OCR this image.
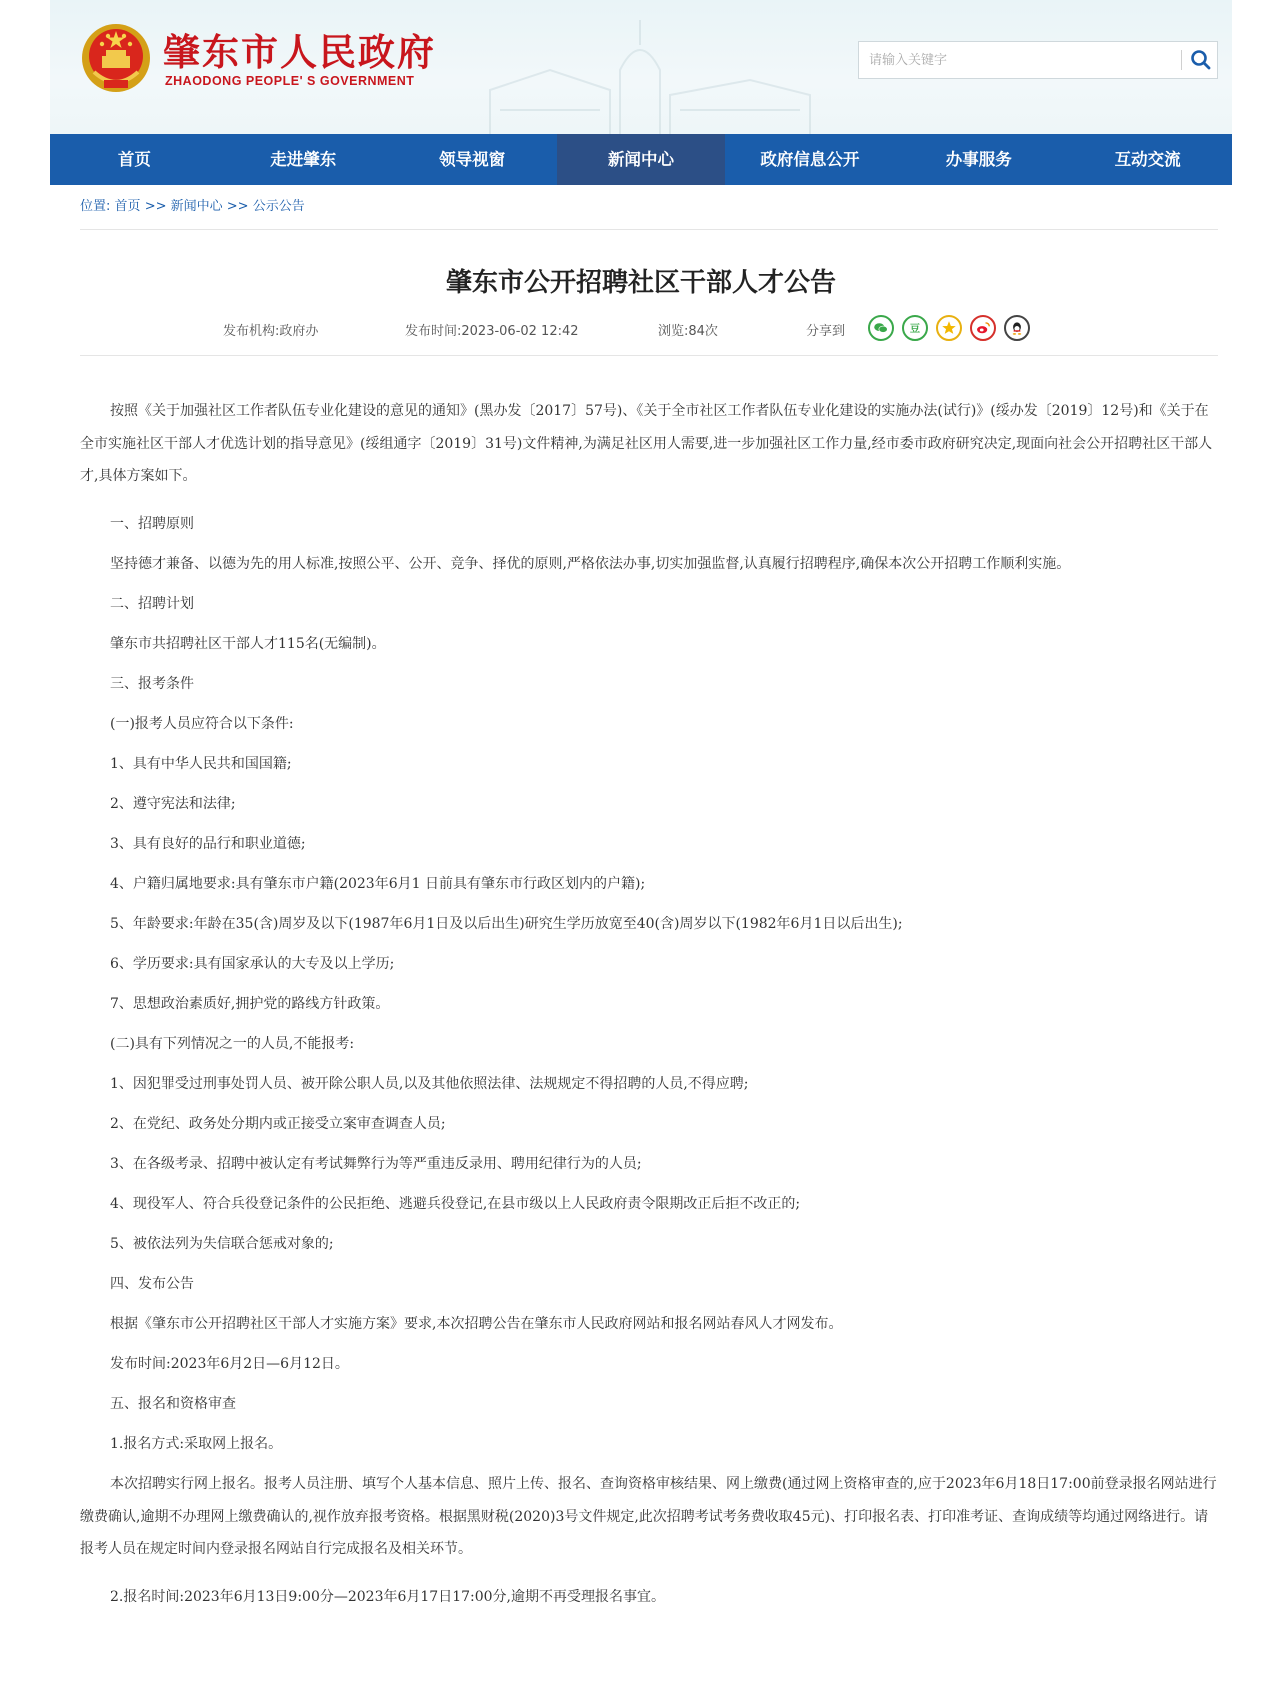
肇东市人民政府
ZHAODONG PEOPLE' S GOVERNMENT
请输入关键字
首页	走进肇东	领导视窗	新闻中心	政府信息公开	办事服务	互动交流
位置: 首页 >> 新闻中心 >> 公示公告
肇东市公开招聘社区干部人才公告
发布机构:政府办	发布时间:2023-06-02 12:42	浏览:84次	分享到	豆
按照《关于加强社区工作者队伍专业化建设的意见的通知》(黑办发〔2017〕57号)、《关于全市社区工作者队伍专业化建设的实施办法(试行)》(绥办发〔2019〕12号)和《关于在全市实施社区干部人才优选计划的指导意见》(绥组通字〔2019〕31号)文件精神,为满足社区用人需要,进一步加强社区工作力量,经市委市政府研究决定,现面向社会公开招聘社区干部人才,具体方案如下。
一、招聘原则
坚持德才兼备、以德为先的用人标准,按照公平、公开、竞争、择优的原则,严格依法办事,切实加强监督,认真履行招聘程序,确保本次公开招聘工作顺利实施。
二、招聘计划
肇东市共招聘社区干部人才115名(无编制)。
三、报考条件
(一)报考人员应符合以下条件:
1、具有中华人民共和国国籍;
2、遵守宪法和法律;
3、具有良好的品行和职业道德;
4、户籍归属地要求:具有肇东市户籍(2023年6月1 日前具有肇东市行政区划内的户籍);
5、年龄要求:年龄在35(含)周岁及以下(1987年6月1日及以后出生)研究生学历放宽至40(含)周岁以下(1982年6月1日以后出生);
6、学历要求:具有国家承认的大专及以上学历;
7、思想政治素质好,拥护党的路线方针政策。
(二)具有下列情况之一的人员,不能报考:
1、因犯罪受过刑事处罚人员、被开除公职人员,以及其他依照法律、法规规定不得招聘的人员,不得应聘;
2、在党纪、政务处分期内或正接受立案审查调查人员;
3、在各级考录、招聘中被认定有考试舞弊行为等严重违反录用、聘用纪律行为的人员;
4、现役军人、符合兵役登记条件的公民拒绝、逃避兵役登记,在县市级以上人民政府责令限期改正后拒不改正的;
5、被依法列为失信联合惩戒对象的;
四、发布公告
根据《肇东市公开招聘社区干部人才实施方案》要求,本次招聘公告在肇东市人民政府网站和报名网站春风人才网发布。
发布时间:2023年6月2日—6月12日。
五、报名和资格审查
1.报名方式:采取网上报名。
本次招聘实行网上报名。报考人员注册、填写个人基本信息、照片上传、报名、查询资格审核结果、网上缴费(通过网上资格审查的,应于2023年6月18日17:00前登录报名网站进行缴费确认,逾期不办理网上缴费确认的,视作放弃报考资格。根据黑财税(2020)3号文件规定,此次招聘考试考务费收取45元)、打印报名表、打印准考证、查询成绩等均通过网络进行。请报考人员在规定时间内登录报名网站自行完成报名及相关环节。
2.报名时间:2023年6月13日9:00分—2023年6月17日17:00分,逾期不再受理报名事宜。
